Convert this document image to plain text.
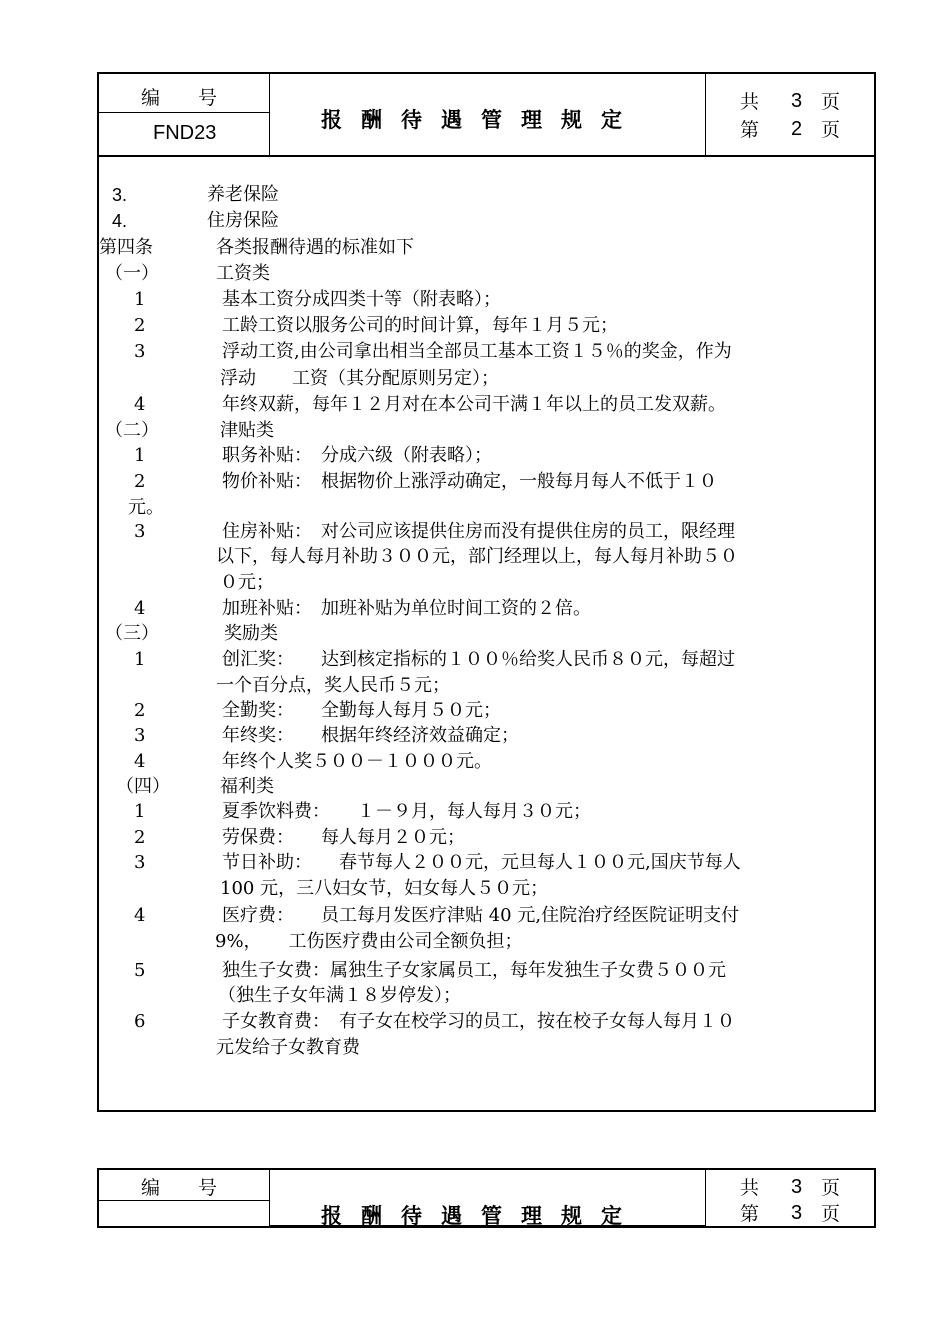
编　　号
FND23
报酬待遇管理规定
共 3 页
第 2 页
3.	养老保险
4.	住房保险
第四条	各类报酬待遇的标准如下
（一）	工资类
1	基本工资分成四类十等（附表略）；
2	工龄工资以服务公司的时间计算，每年１月５元；
3	浮动工资,由公司拿出相当全部员工基本工资１５％的奖金，作为
浮动　　工资（其分配原则另定）；
4	年终双薪，每年１２月对在本公司干满１年以上的员工发双薪。
（二）	津贴类
1	职务补贴：　分成六级（附表略）；
2	物价补贴：　根据物价上涨浮动确定，一般每月每人不低于１０
元。
3	住房补贴：　对公司应该提供住房而没有提供住房的员工，限经理
以下，每人每月补助３００元，部门经理以上，每人每月补助５０
０元；
4	加班补贴：　加班补贴为单位时间工资的２倍。
（三）	奖励类
1	创汇奖：　　达到核定指标的１００％给奖人民币８０元，每超过
一个百分点，奖人民币５元；
2	全勤奖：　　全勤每人每月５０元；
3	年终奖：　　根据年终经济效益确定；
4	年终个人奖５００－１０００元。
（四）	福利类
1	夏季饮料费：　　１－９月，每人每月３０元；
2	劳保费：　　每人每月２０元；
3	节日补助：　　春节每人２００元，元旦每人１００元,国庆节每人
100 元，三八妇女节，妇女每人５０元；
4	医疗费：　　员工每月发医疗津贴 40 元,住院治疗经医院证明支付
9%，　　工伤医疗费由公司全额负担；
5	独生子女费：属独生子女家属员工，每年发独生子女费５００元
（独生子女年满１８岁停发）；
6	子女教育费：　有子女在校学习的员工，按在校子女每人每月１０
元发给子女教育费
编　　号
报酬待遇管理规定
共 3 页
第 3 页
